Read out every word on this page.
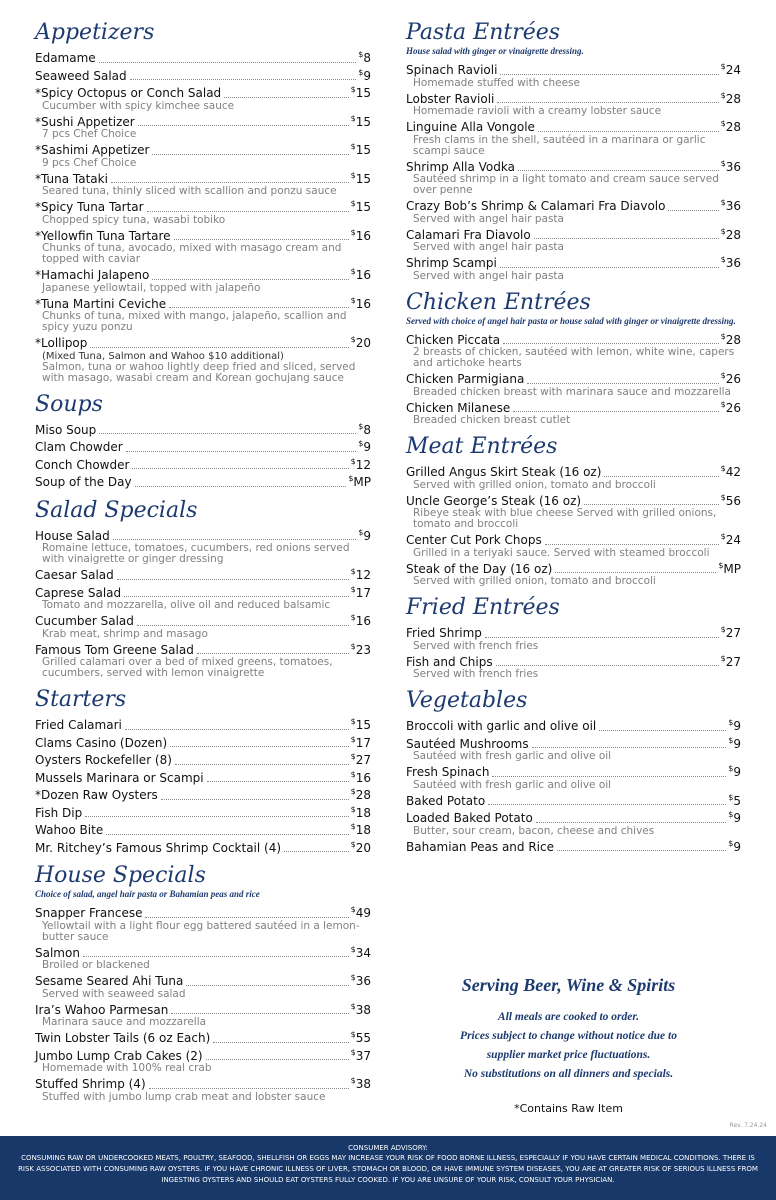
Appetizers
Edamame	$8
Seaweed Salad	$9
*Spicy Octopus or Conch Salad	$15
Cucumber with spicy kimchee sauce
*Sushi Appetizer	$15
7 pcs Chef Choice
*Sashimi Appetizer	$15
9 pcs Chef Choice
*Tuna Tataki	$15
Seared tuna, thinly sliced with scallion and ponzu sauce
*Spicy Tuna Tartar	$15
Chopped spicy tuna, wasabi tobiko
*Yellowfin Tuna Tartare	$16
Chunks of tuna, avocado, mixed with masago cream and topped with caviar
*Hamachi Jalapeno	$16
Japanese yellowtail, topped with jalapeño
*Tuna Martini Ceviche	$16
Chunks of tuna, mixed with mango, jalapeño, scallion and spicy yuzu ponzu
*Lollipop	$20
(Mixed Tuna, Salmon and Wahoo $10 additional)
Salmon, tuna or wahoo lightly deep fried and sliced, served with masago, wasabi cream and Korean gochujang sauce
Soups
Miso Soup	$8
Clam Chowder	$9
Conch Chowder	$12
Soup of the Day	$MP
Salad Specials
House Salad	$9
Romaine lettuce, tomatoes, cucumbers, red onions served with vinaigrette or ginger dressing
Caesar Salad	$12
Caprese Salad	$17
Tomato and mozzarella, olive oil and reduced balsamic
Cucumber Salad	$16
Krab meat, shrimp and masago
Famous Tom Greene Salad	$23
Grilled calamari over a bed of mixed greens, tomatoes, cucumbers, served with lemon vinaigrette
Starters
Fried Calamari	$15
Clams Casino (Dozen)	$17
Oysters Rockefeller (8)	$27
Mussels Marinara or Scampi	$16
*Dozen Raw Oysters	$28
Fish Dip	$18
Wahoo Bite	$18
Mr. Ritchey’s Famous Shrimp Cocktail (4)	$20
House Specials
Choice of salad, angel hair pasta or Bahamian peas and rice
Snapper Francese	$49
Yellowtail with a light flour egg battered sautéed in a lemon-butter sauce
Salmon	$34
Broiled or blackened
Sesame Seared Ahi Tuna	$36
Served with seaweed salad
Ira’s Wahoo Parmesan	$38
Marinara sauce and mozzarella
Twin Lobster Tails (6 oz Each)	$55
Jumbo Lump Crab Cakes (2)	$37
Homemade with 100% real crab
Stuffed Shrimp (4)	$38
Stuffed with jumbo lump crab meat and lobster sauce
Pasta Entrées
House salad with ginger or vinaigrette dressing.
Spinach Ravioli	$24
Homemade stuffed with cheese
Lobster Ravioli	$28
Homemade ravioli with a creamy lobster sauce
Linguine Alla Vongole	$28
Fresh clams in the shell, sautéed in a marinara or garlic scampi sauce
Shrimp Alla Vodka	$36
Sautéed shrimp in a light tomato and cream sauce served over penne
Crazy Bob’s Shrimp & Calamari Fra Diavolo	$36
Served with angel hair pasta
Calamari Fra Diavolo	$28
Served with angel hair pasta
Shrimp Scampi	$36
Served with angel hair pasta
Chicken Entrées
Served with choice of angel hair pasta or house salad with ginger or vinaigrette dressing.
Chicken Piccata	$28
2 breasts of chicken, sautéed with lemon, white wine, capers and artichoke hearts
Chicken Parmigiana	$26
Breaded chicken breast with marinara sauce and mozzarella
Chicken Milanese	$26
Breaded chicken breast cutlet
Meat Entrées
Grilled Angus Skirt Steak (16 oz)	$42
Served with grilled onion, tomato and broccoli
Uncle George’s Steak (16 oz)	$56
Ribeye steak with blue cheese Served with grilled onions, tomato and broccoli
Center Cut Pork Chops	$24
Grilled in a teriyaki sauce. Served with steamed broccoli
Steak of the Day (16 oz)	$MP
Served with grilled onion, tomato and broccoli
Fried Entrées
Fried Shrimp	$27
Served with french fries
Fish and Chips	$27
Served with french fries
Vegetables
Broccoli with garlic and olive oil	$9
Sautéed Mushrooms	$9
Sautéed with fresh garlic and olive oil
Fresh Spinach	$9
Sautéed with fresh garlic and olive oil
Baked Potato	$5
Loaded Baked Potato	$9
Butter, sour cream, bacon, cheese and chives
Bahamian Peas and Rice	$9
Serving Beer, Wine & Spirits
All meals are cooked to order.
Prices subject to change without notice due to
supplier market price fluctuations.
No substitutions on all dinners and specials.
*Contains Raw Item
Rev. 7.24.24
CONSUMER ADVISORY:
CONSUMING RAW OR UNDERCOOKED MEATS, POULTRY, SEAFOOD, SHELLFISH OR EGGS MAY INCREASE YOUR RISK OF FOOD BORNE ILLNESS, ESPECIALLY IF YOU HAVE CERTAIN MEDICAL CONDITIONS. THERE IS RISK ASSOCIATED WITH CONSUMING RAW OYSTERS. IF YOU HAVE CHRONIC ILLNESS OF LIVER, STOMACH OR BLOOD, OR HAVE IMMUNE SYSTEM DISEASES, YOU ARE AT GREATER RISK OF SERIOUS ILLNESS FROM INGESTING OYSTERS AND SHOULD EAT OYSTERS FULLY COOKED. IF YOU ARE UNSURE OF YOUR RISK, CONSULT YOUR PHYSICIAN.
